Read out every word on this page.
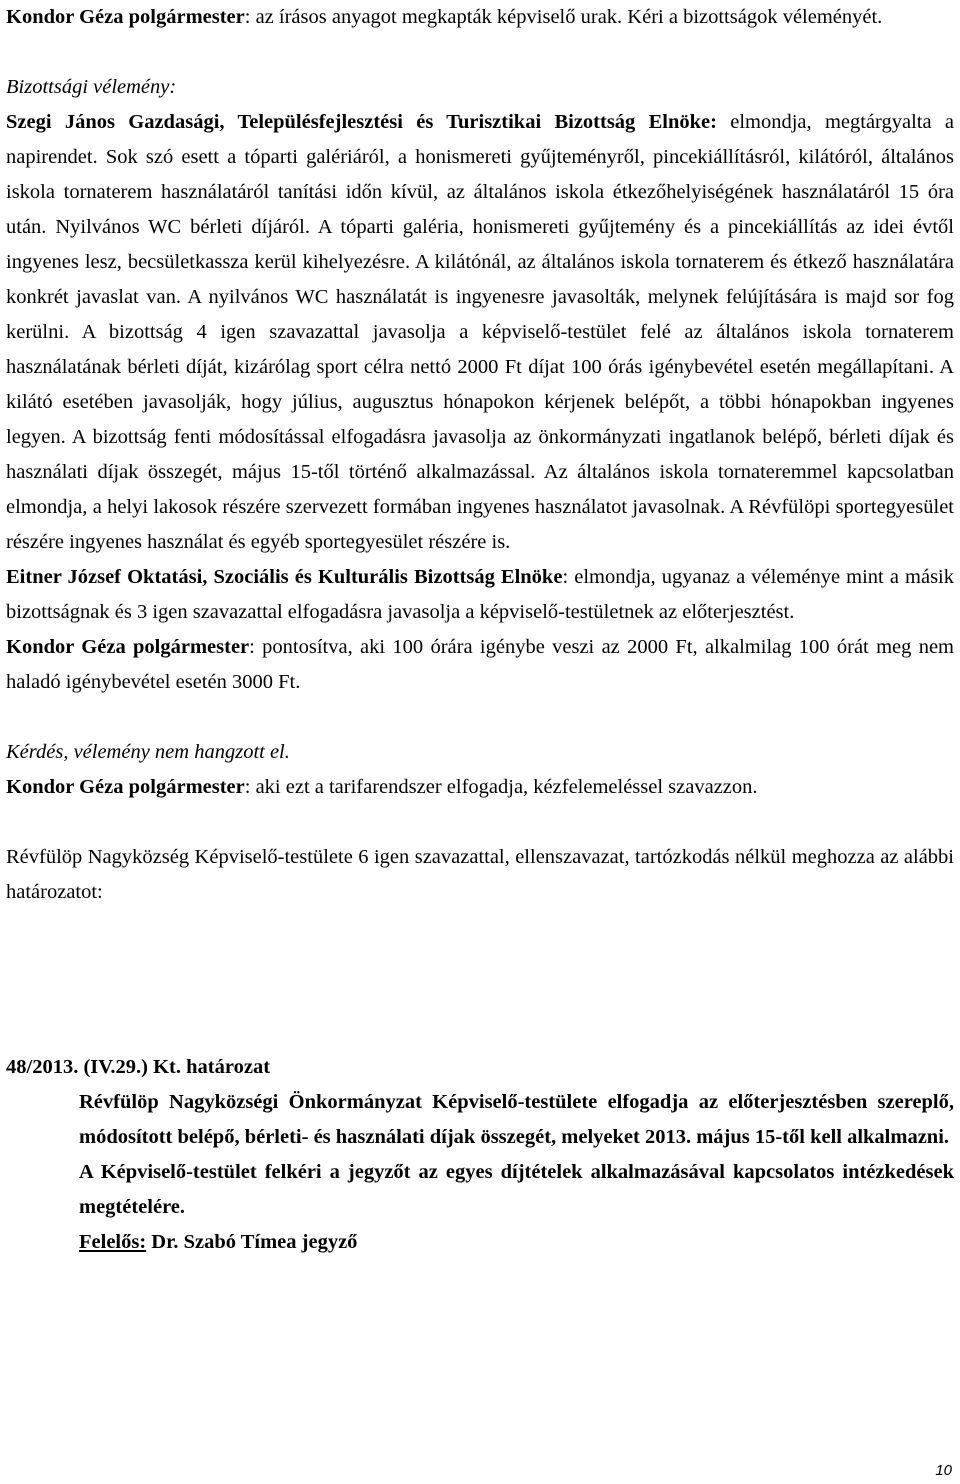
Kondor Géza polgármester: az írásos anyagot megkapták képviselő urak. Kéri a bizottságok véleményét.

Bizottsági vélemény:

Szegi János Gazdasági, Településfejlesztési és Turisztikai Bizottság Elnöke: elmondja, megtárgyalta a napirendet. Sok szó esett a tóparti galériáról, a honismereti gyűjteményről, pincekiállításról, kilátóról, általános iskola tornaterem használatáról tanítási időn kívül, az általános iskola étkezőhelyiségének használatáról 15 óra után. Nyilvános WC bérleti díjáról. A tóparti galéria, honismereti gyűjtemény és a pincekiállítás az idei évtől ingyenes lesz, becsületkassza kerül kihelyezésre. A kilátónál, az általános iskola tornaterem és étkező használatára konkrét javaslat van. A nyilvános WC használatát is ingyenesre javasolták, melynek felújítására is majd sor fog kerülni. A bizottság 4 igen szavazattal javasolja a képviselő-testület felé az általános iskola tornaterem használatának bérleti díját, kizárólag sport célra nettó 2000 Ft díjat 100 órás igénybevétel esetén megállapítani. A kilátó esetében javasolják, hogy július, augusztus hónapokon kérjenek belépőt, a többi hónapokban ingyenes legyen. A bizottság fenti módosítással elfogadásra javasolja az önkormányzati ingatlanok belépő, bérleti díjak és használati díjak összegét, május 15-től történő alkalmazással. Az általános iskola tornateremmel kapcsolatban elmondja, a helyi lakosok részére szervezett formában ingyenes használatot javasolnak. A Révfülöpi sportegyesület részére ingyenes használat és egyéb sportegyesület részére is.

Eitner József Oktatási, Szociális és Kulturális Bizottság Elnöke: elmondja, ugyanaz a véleménye mint a másik bizottságnak és 3 igen szavazattal elfogadásra javasolja a képviselő-testületnek az előterjesztést.

Kondor Géza polgármester: pontosítva, aki 100 órára igénybe veszi az 2000 Ft, alkalmilag 100 órát meg nem haladó igénybevétel esetén 3000 Ft.

Kérdés, vélemény nem hangzott el.

Kondor Géza polgármester: aki ezt a tarifarendszer elfogadja, kézfelemeléssel szavazzon.

Révfülöp Nagyközség Képviselő-testülete 6 igen szavazattal, ellenszavazat, tartózkodás nélkül meghozza az alábbi határozatot:

48/2013. (IV.29.) Kt. határozat

Révfülöp Nagyközségi Önkormányzat Képviselő-testülete elfogadja az előterjesztésben szereplő, módosított belépő, bérleti- és használati díjak összegét, melyeket 2013. május 15-től kell alkalmazni.

A Képviselő-testület felkéri a jegyzőt az egyes díjtételek alkalmazásával kapcsolatos intézkedések megtételére.

Felelős: Dr. Szabó Tímea jegyző

10
